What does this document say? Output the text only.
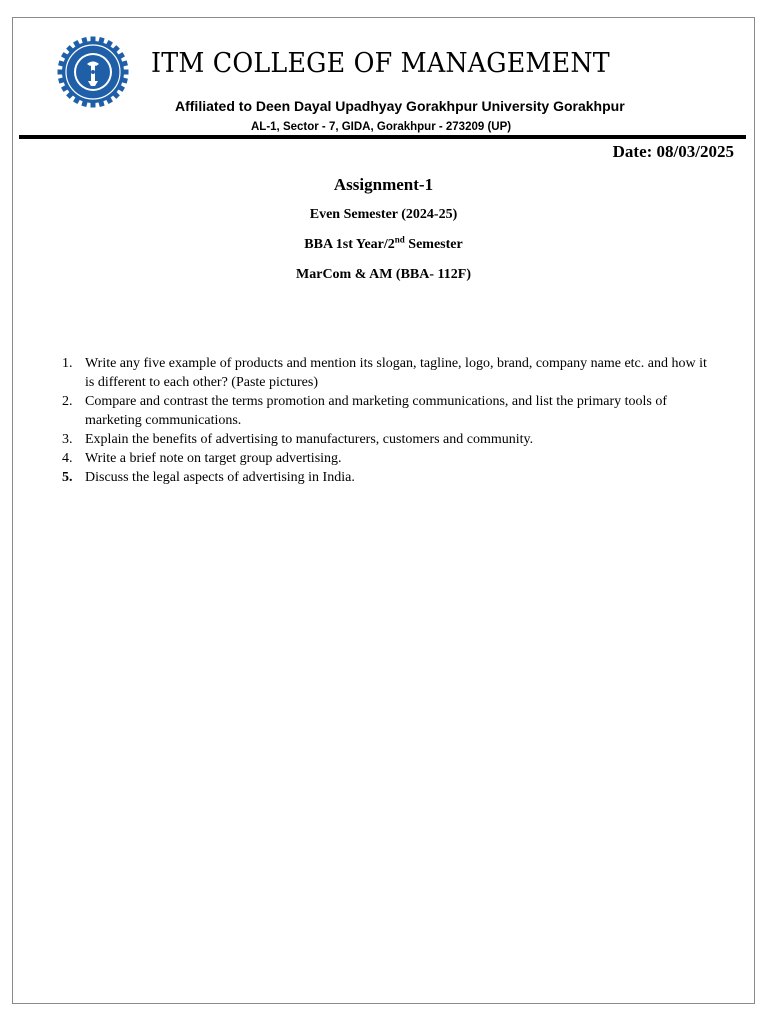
ITM COLLEGE OF MANAGEMENT
Affiliated to Deen Dayal Upadhyay Gorakhpur University Gorakhpur
AL-1, Sector - 7, GIDA, Gorakhpur - 273209 (UP)
Date: 08/03/2025
Assignment-1
Even Semester (2024-25)
BBA 1st Year/2nd Semester
MarCom & AM (BBA- 112F)
1. Write any five example of products and mention its slogan, tagline, logo, brand, company name etc. and how it is different to each other? (Paste pictures)
2. Compare and contrast the terms promotion and marketing communications, and list the primary tools of marketing communications.
3. Explain the benefits of advertising to manufacturers, customers and community.
4. Write a brief note on target group advertising.
5. Discuss the legal aspects of advertising in India.
